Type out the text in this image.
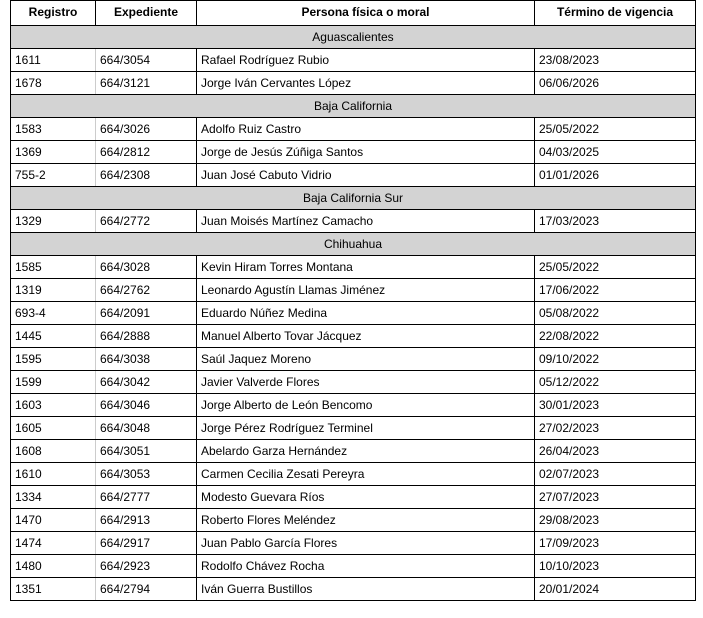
Registro	Expediente	Persona física o moral	Término de vigencia
Aguascalientes			
1611	664/3054	Rafael Rodríguez Rubio	23/08/2023
1678	664/3121	Jorge Iván Cervantes López	06/06/2026
Baja California			
1583	664/3026	Adolfo Ruiz Castro	25/05/2022
1369	664/2812	Jorge de Jesús Zúñiga Santos	04/03/2025
755-2	664/2308	Juan José Cabuto Vidrio	01/01/2026
Baja California Sur			
1329	664/2772	Juan Moisés Martínez Camacho	17/03/2023
Chihuahua			
1585	664/3028	Kevin Hiram Torres Montana	25/05/2022
1319	664/2762	Leonardo Agustín Llamas Jiménez	17/06/2022
693-4	664/2091	Eduardo Núñez Medina	05/08/2022
1445	664/2888	Manuel Alberto Tovar Jácquez	22/08/2022
1595	664/3038	Saúl Jaquez Moreno	09/10/2022
1599	664/3042	Javier Valverde Flores	05/12/2022
1603	664/3046	Jorge Alberto de León Bencomo	30/01/2023
1605	664/3048	Jorge Pérez Rodríguez Terminel	27/02/2023
1608	664/3051	Abelardo Garza Hernández	26/04/2023
1610	664/3053	Carmen Cecilia Zesati Pereyra	02/07/2023
1334	664/2777	Modesto Guevara Ríos	27/07/2023
1470	664/2913	Roberto Flores Meléndez	29/08/2023
1474	664/2917	Juan Pablo García Flores	17/09/2023
1480	664/2923	Rodolfo Chávez Rocha	10/10/2023
1351	664/2794	Iván Guerra Bustillos	20/01/2024
